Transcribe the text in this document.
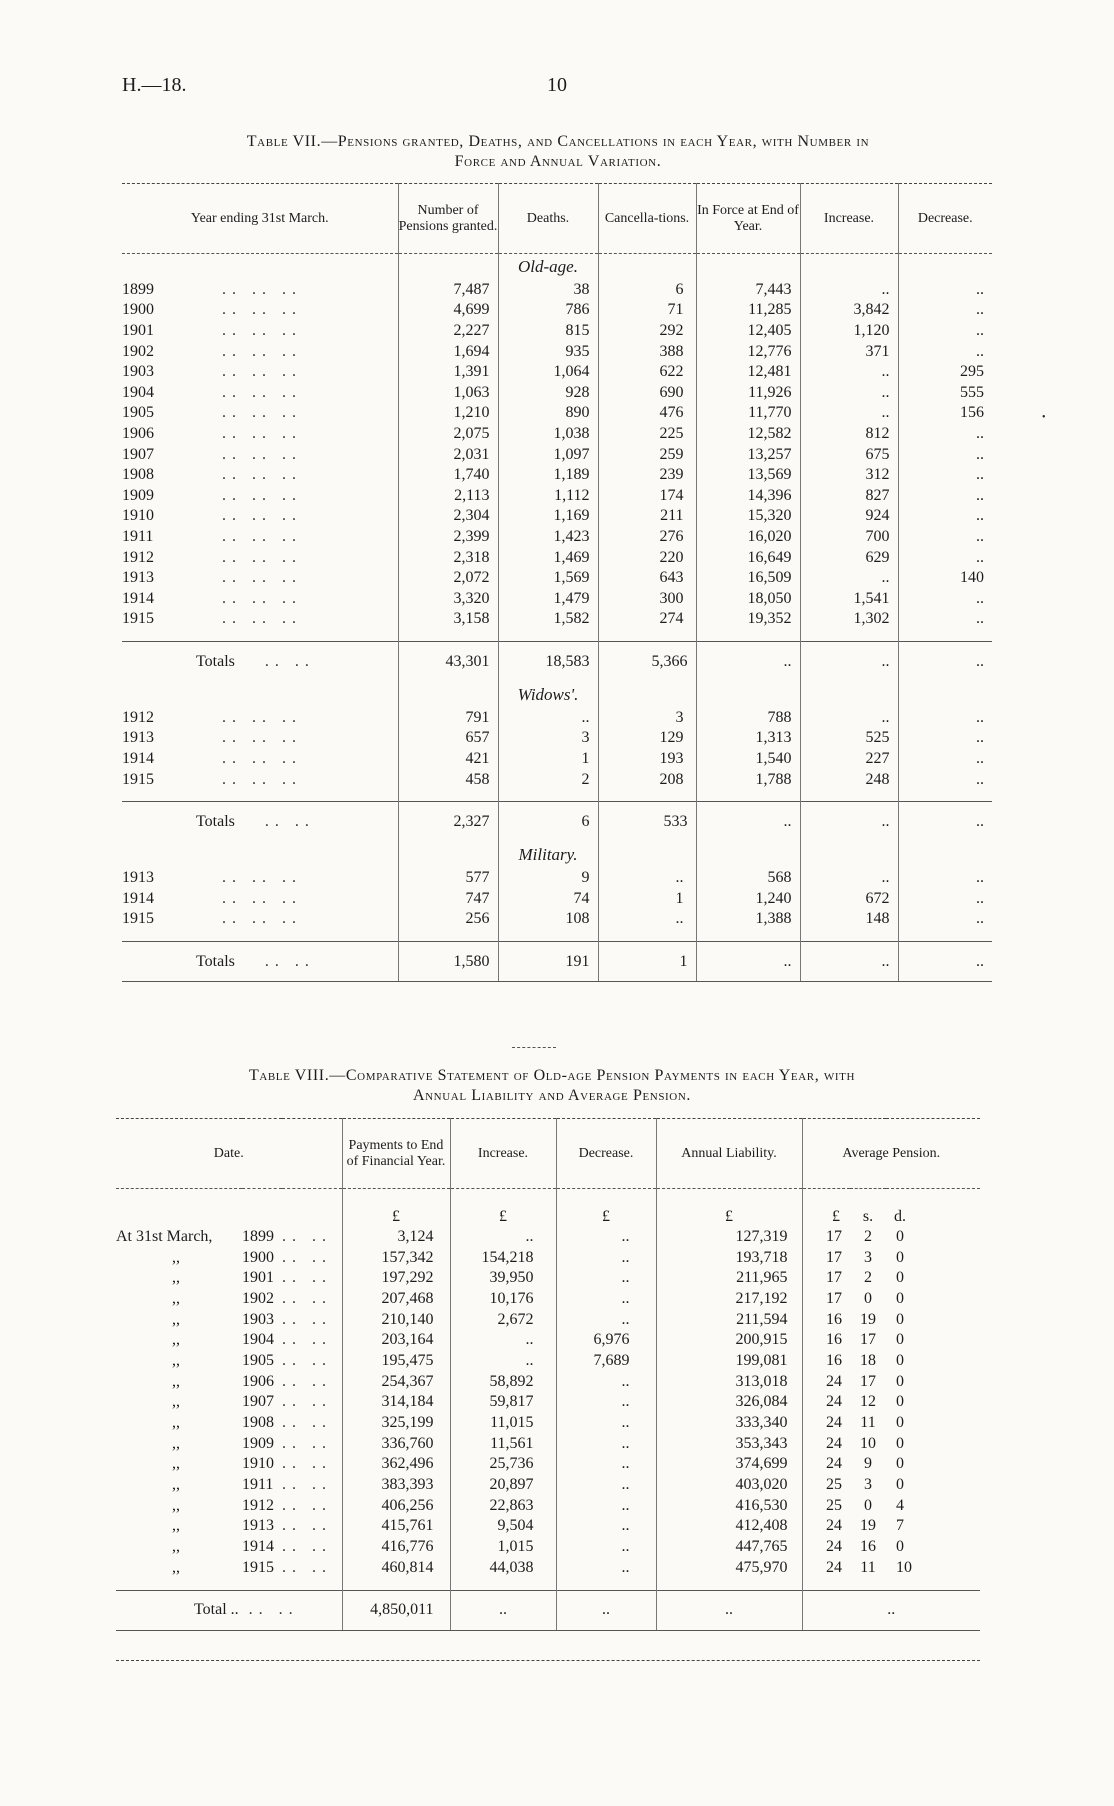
H.—18.	10
Table VII.—Pensions granted, Deaths, and Cancellations in each Year, with Number in
Force and Annual Variation.
Year ending 31st March.	Number of Pensions granted.	Deaths.	Cancella-tions.	In Force at End of Year.	Increase.	Decrease.
		Old-age.				
1899 .. .. ..	7,487	38	6	7,443	..	..
1900 .. .. ..	4,699	786	71	11,285	3,842	..
1901 .. .. ..	2,227	815	292	12,405	1,120	..
1902 .. .. ..	1,694	935	388	12,776	371	..
1903 .. .. ..	1,391	1,064	622	12,481	..	295
1904 .. .. ..	1,063	928	690	11,926	..	555
1905 .. .. ..	1,210	890	476	11,770	..	156
1906 .. .. ..	2,075	1,038	225	12,582	812	..
1907 .. .. ..	2,031	1,097	259	13,257	675	..
1908 .. .. ..	1,740	1,189	239	13,569	312	..
1909 .. .. ..	2,113	1,112	174	14,396	827	..
1910 .. .. ..	2,304	1,169	211	15,320	924	..
1911 .. .. ..	2,399	1,423	276	16,020	700	..
1912 .. .. ..	2,318	1,469	220	16,649	629	..
1913 .. .. ..	2,072	1,569	643	16,509	..	140
1914 .. .. ..	3,320	1,479	300	18,050	1,541	..
1915 .. .. ..	3,158	1,582	274	19,352	1,302	..

Totals .. ..	43,301	18,583	5,366	..	..	..
		Widows'.				
1912 .. .. ..	791	..	3	788	..	..
1913 .. .. ..	657	3	129	1,313	525	..
1914 .. .. ..	421	1	193	1,540	227	..
1915 .. .. ..	458	2	208	1,788	248	..

Totals .. ..	2,327	6	533	..	..	..
		Military.				
1913 .. .. ..	577	9	..	568	..	..
1914 .. .. ..	747	74	1	1,240	672	..
1915 .. .. ..	256	108	..	1,388	148	..

Totals .. ..	1,580	191	1	..	..	..
Table VIII.—Comparative Statement of Old-age Pension Payments in each Year, with
Annual Liability and Average Pension.
Date.			Payments to End of Financial Year.	Increase.	Decrease.	Annual Liability.	Average Pension.		
			£	£	£	£	£	s.	d.
At 31st March,	1899	.. ..	3,124	..	..	127,319	17	2	0
,,	1900	.. ..	157,342	154,218	..	193,718	17	3	0
,,	1901	.. ..	197,292	39,950	..	211,965	17	2	0
,,	1902	.. ..	207,468	10,176	..	217,192	17	0	0
,,	1903	.. ..	210,140	2,672	..	211,594	16	19	0
,,	1904	.. ..	203,164	..	6,976	200,915	16	17	0
,,	1905	.. ..	195,475	..	7,689	199,081	16	18	0
,,	1906	.. ..	254,367	58,892	..	313,018	24	17	0
,,	1907	.. ..	314,184	59,817	..	326,084	24	12	0
,,	1908	.. ..	325,199	11,015	..	333,340	24	11	0
,,	1909	.. ..	336,760	11,561	..	353,343	24	10	0
,,	1910	.. ..	362,496	25,736	..	374,699	24	9	0
,,	1911	.. ..	383,393	20,897	..	403,020	25	3	0
,,	1912	.. ..	406,256	22,863	..	416,530	25	0	4
,,	1913	.. ..	415,761	9,504	..	412,408	24	19	7
,,	1914	.. ..	416,776	1,015	..	447,765	24	16	0
,,	1915	.. ..	460,814	44,038	..	475,970	24	11	10

Total .. .. ..			4,850,011	..	..	..	..		
•
